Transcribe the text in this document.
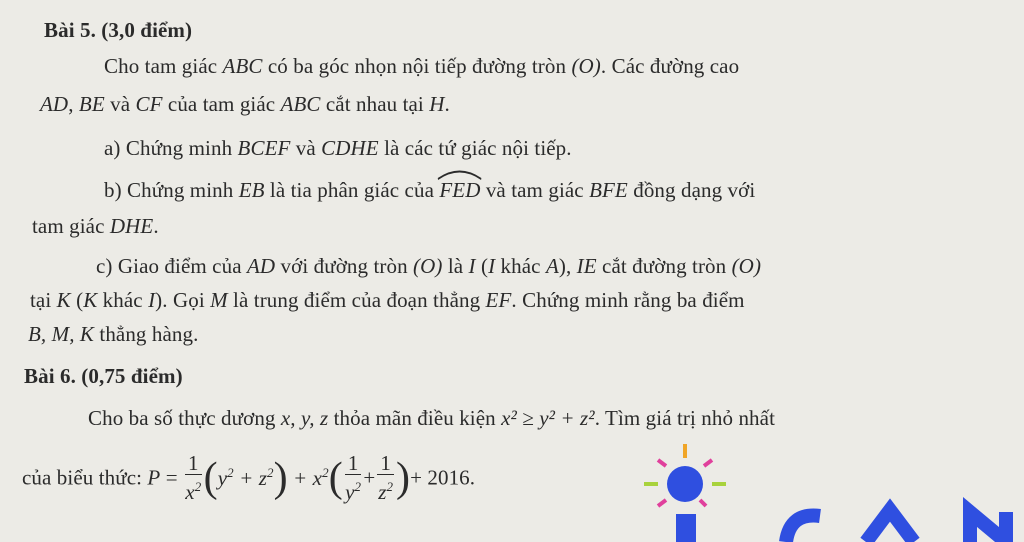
Bài 5. (3,0 điểm)
Cho tam giác ABC có ba góc nhọn nội tiếp đường tròn (O). Các đường cao
AD, BE và CF của tam giác ABC cắt nhau tại H.
a) Chứng minh BCEF và CDHE là các tứ giác nội tiếp.
b) Chứng minh EB là tia phân giác của
FED và tam giác BFE đồng dạng với
tam giác DHE.
c) Giao điểm của AD với đường tròn (O) là I (I khác A), IE cắt đường tròn (O)
tại K (K khác I). Gọi M là trung điểm của đoạn thẳng EF. Chứng minh rằng ba điểm
B, M, K thẳng hàng.
Bài 6. (0,75 điểm)
Cho ba số thực dương x, y, z thỏa mãn điều kiện x² ≥ y² + z². Tìm giá trị nhỏ nhất
của biểu thức: $P = \frac{1}{x^2} (y^2 + z^2) + x^2( \frac{1}{y^2} + \frac{1}{z^2}$ )+ 2016.
